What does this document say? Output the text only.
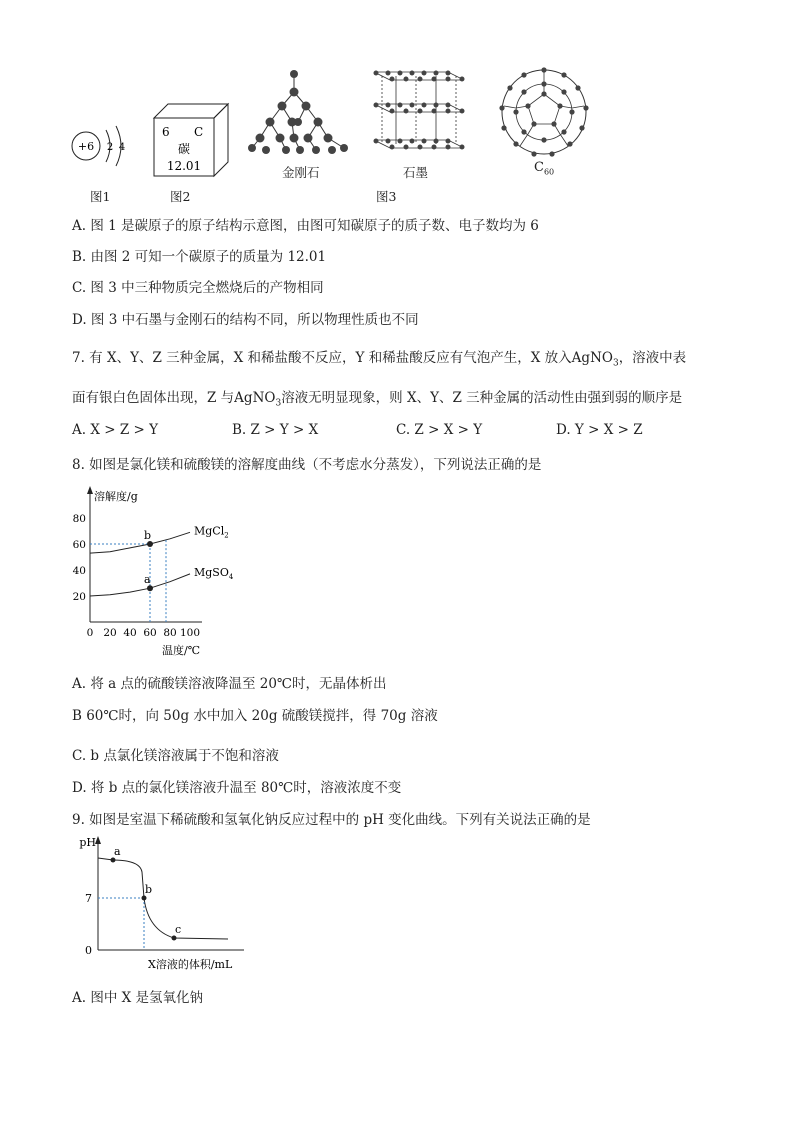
+6 2 4
图1
6 C
碳
12.01
图2
金刚石	石墨
图3
$C_{60}$
A. 图 1 是碳原子的原子结构示意图，由图可知碳原子的质子数、电子数均为 6
B. 由图 2 可知一个碳原子的质量为 12.01
C. 图 3 中三种物质完全燃烧后的产物相同
D. 图 3 中石墨与金刚石的结构不同，所以物理性质也不同
7. 有 X、Y、Z 三种金属，X 和稀盐酸不反应，Y 和稀盐酸反应有气泡产生，X 放入AgNO$_3$，溶液中表
面有银白色固体出现，Z 与AgNO$_3$溶液无明显现象，则 X、Y、Z 三种金属的活动性由强到弱的顺序是
A. X > Z > Y	B. Z > Y > X	C. Z > X > Y	D. Y > X > Z
8. 如图是氯化镁和硫酸镁的溶解度曲线（不考虑水分蒸发），下列说法正确的是
溶解度/g
温度/℃
0 20 40 60 80 100
20
40
60
80
MgCl$_2$
MgSO$_4$
b
a
A. 将 a 点的硫酸镁溶液降温至 20℃时，无晶体析出
B 60℃时，向 50g 水中加入 20g 硫酸镁搅拌，得 70g 溶液
C. b 点氯化镁溶液属于不饱和溶液
D. 将 b 点的氯化镁溶液升温至 80℃时，溶液浓度不变
9. 如图是室温下稀硫酸和氢氧化钠反应过程中的 pH 变化曲线。下列有关说法正确的是
pH
X溶液的体积/mL
7
0
a
b
c
A. 图中 X 是氢氧化钠
